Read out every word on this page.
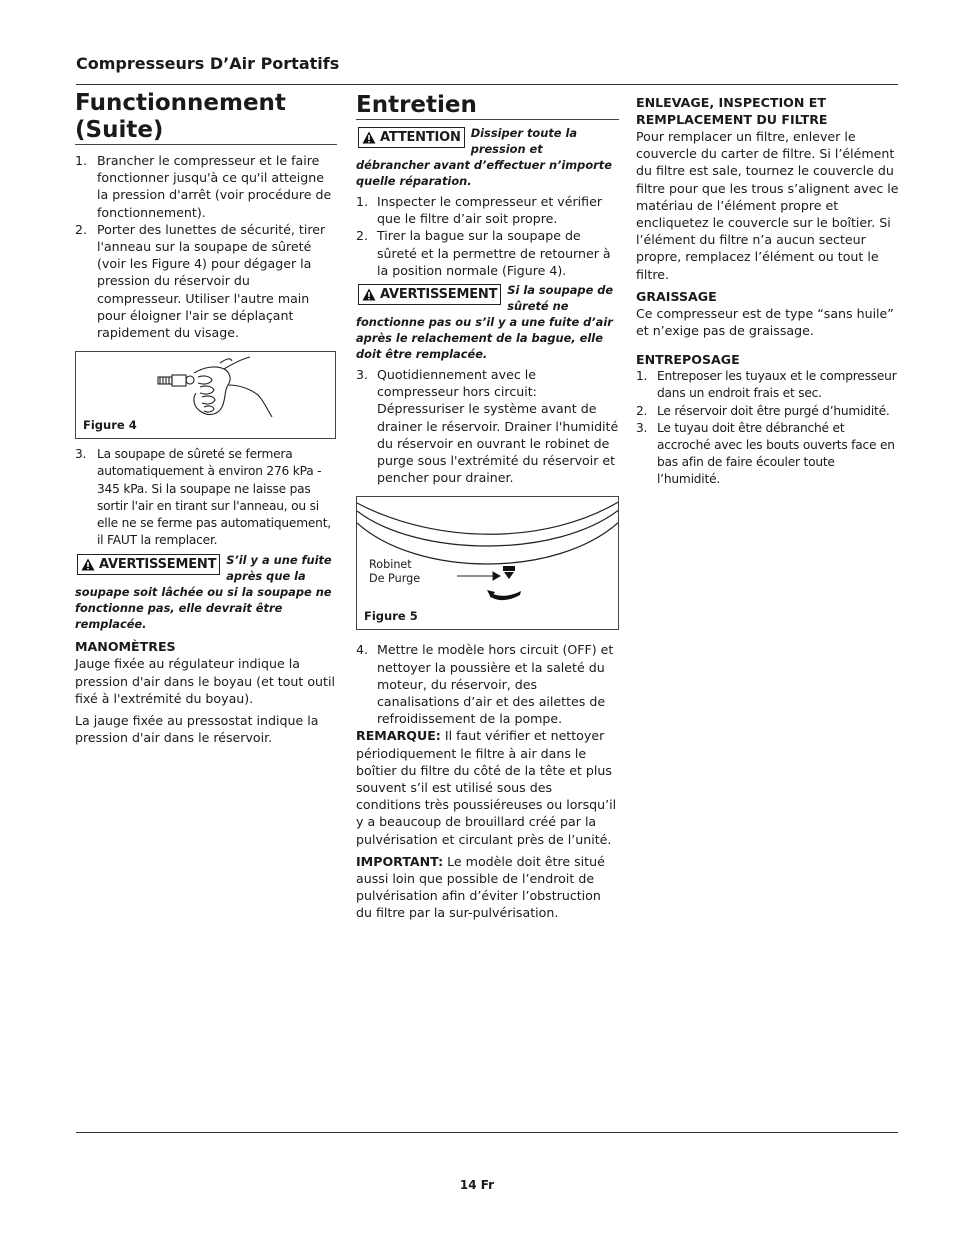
Compresseurs D’Air Portatifs
Functionnement (Suite)
1. Brancher le compresseur et le faire fonctionner jusqu'à ce qu'il atteigne la pression d'arrêt (voir procédure de fonctionnement).
2. Porter des lunettes de sécurité, tirer l'anneau sur la soupape de sûreté (voir les Figure 4) pour dégager la pression du réservoir du compresseur. Utiliser l'autre main pour éloigner l'air se déplaçant rapidement du visage.
Figure 4
3. La soupape de sûreté se fermera automatiquement à environ 276 kPa - 345 kPa. Si la soupape ne laisse pas sortir l'air en tirant sur l'anneau, ou si elle ne se ferme pas automatiquement, il FAUT la remplacer.
AVERTISSEMENT S’il y a une fuite après que la soupape soit lâchée ou si la soupape ne fonctionne pas, elle devrait être remplacée.
MANOMÈTRES

Jauge fixée au régulateur indique la pression d'air dans le boyau (et tout outil fixé à l'extrémité du boyau).

La jauge fixée au pressostat indique la pression d'air dans le réservoir.

Entretien
ATTENTION Dissiper toute la pression et débrancher avant d’effectuer n’importe quelle réparation.
1. Inspecter le compresseur et vérifier que le filtre d’air soit propre.
2. Tirer la bague sur la soupape de sûreté et la permettre de retourner à la position normale (Figure 4).
AVERTISSEMENT Si la soupape de sûreté ne fonctionne pas ou s’il y a une fuite d’air après le relachement de la bague, elle doit être remplacée.
3. Quotidiennement avec le compresseur hors circuit: Dépressuriser le système avant de drainer le réservoir. Drainer l'humidité du réservoir en ouvrant le robinet de purge sous l'extrémité du réservoir et pencher pour drainer.
Robinet
De Purge
Figure 5
4. Mettre le modèle hors circuit (OFF) et nettoyer la poussière et la saleté du moteur, du réservoir, des canalisations d’air et des ailettes de refroidissement de la pompe.

REMARQUE: Il faut vérifier et nettoyer périodiquement le filtre à air dans le boîtier du filtre du côté de la tête et plus souvent s’il est utilisé sous des conditions très poussiéreuses ou lorsqu’il y a beaucoup de brouillard créé par la pulvérisation et circulant près de l’unité.

IMPORTANT: Le modèle doit être situé aussi loin que possible de l’endroit de pulvérisation afin d’éviter l’obstruction du filtre par la sur-pulvérisation.

ENLEVAGE, INSPECTION ET REMPLACEMENT DU FILTRE

Pour remplacer un filtre, enlever le couvercle du carter de filtre. Si l’élément du filtre est sale, tournez le couvercle du filtre pour que les trous s’alignent avec le matériau de l’élément propre et encliquetez le couvercle sur le boîtier. Si l’élément du filtre n’a aucun secteur propre, remplacez l’élément ou tout le filtre.

GRAISSAGE

Ce compresseur est de type “sans huile” et n’exige pas de graissage.

ENTREPOSAGE
1. Entreposer les tuyaux et le compresseur dans un endroit frais et sec.
2. Le réservoir doit être purgé d’humidité.
3. Le tuyau doit être débranché et accroché avec les bouts ouverts face en bas afin de faire écouler toute l’humidité.
14 Fr
